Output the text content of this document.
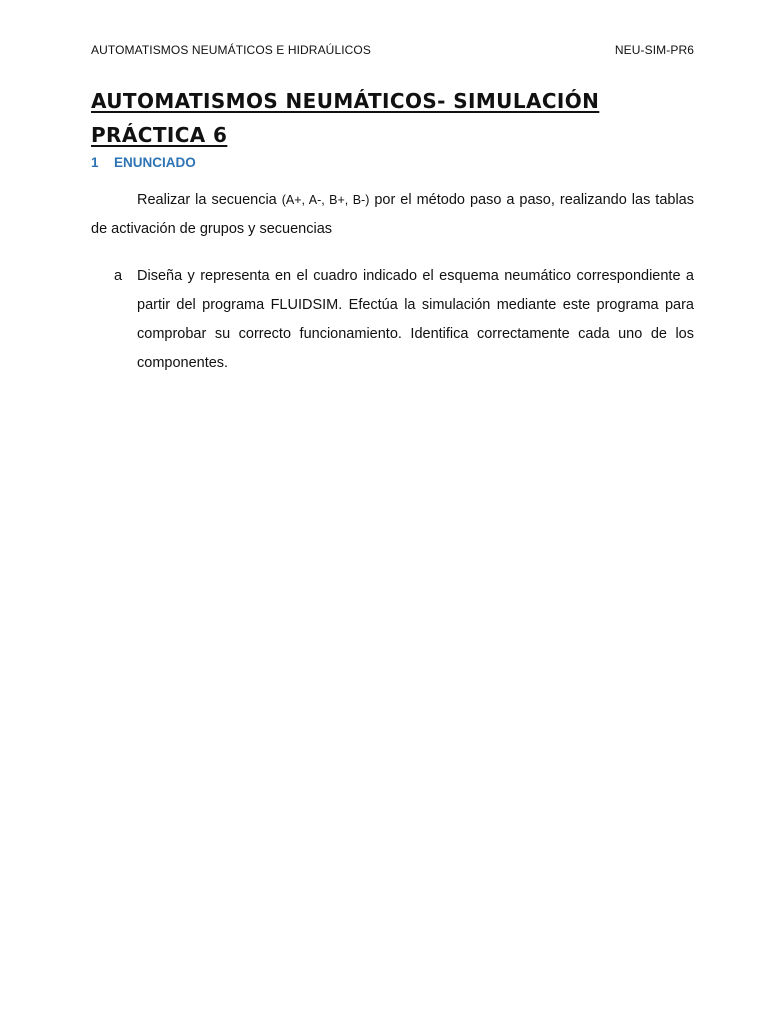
AUTOMATISMOS NEUMÁTICOS E HIDRAÚLICOS	NEU-SIM-PR6
AUTOMATISMOS NEUMÁTICOS- SIMULACIÓN PRÁCTICA 6
1	ENUNCIADO

Realizar la secuencia (A+, A-, B+, B-) por el método paso a paso, realizando las tablas de activación de grupos y secuencias

a	Diseña y representa en el cuadro indicado el esquema neumático correspondiente a partir del programa FLUIDSIM. Efectúa la simulación mediante este programa para comprobar su correcto funcionamiento. Identifica correctamente cada uno de los componentes.
